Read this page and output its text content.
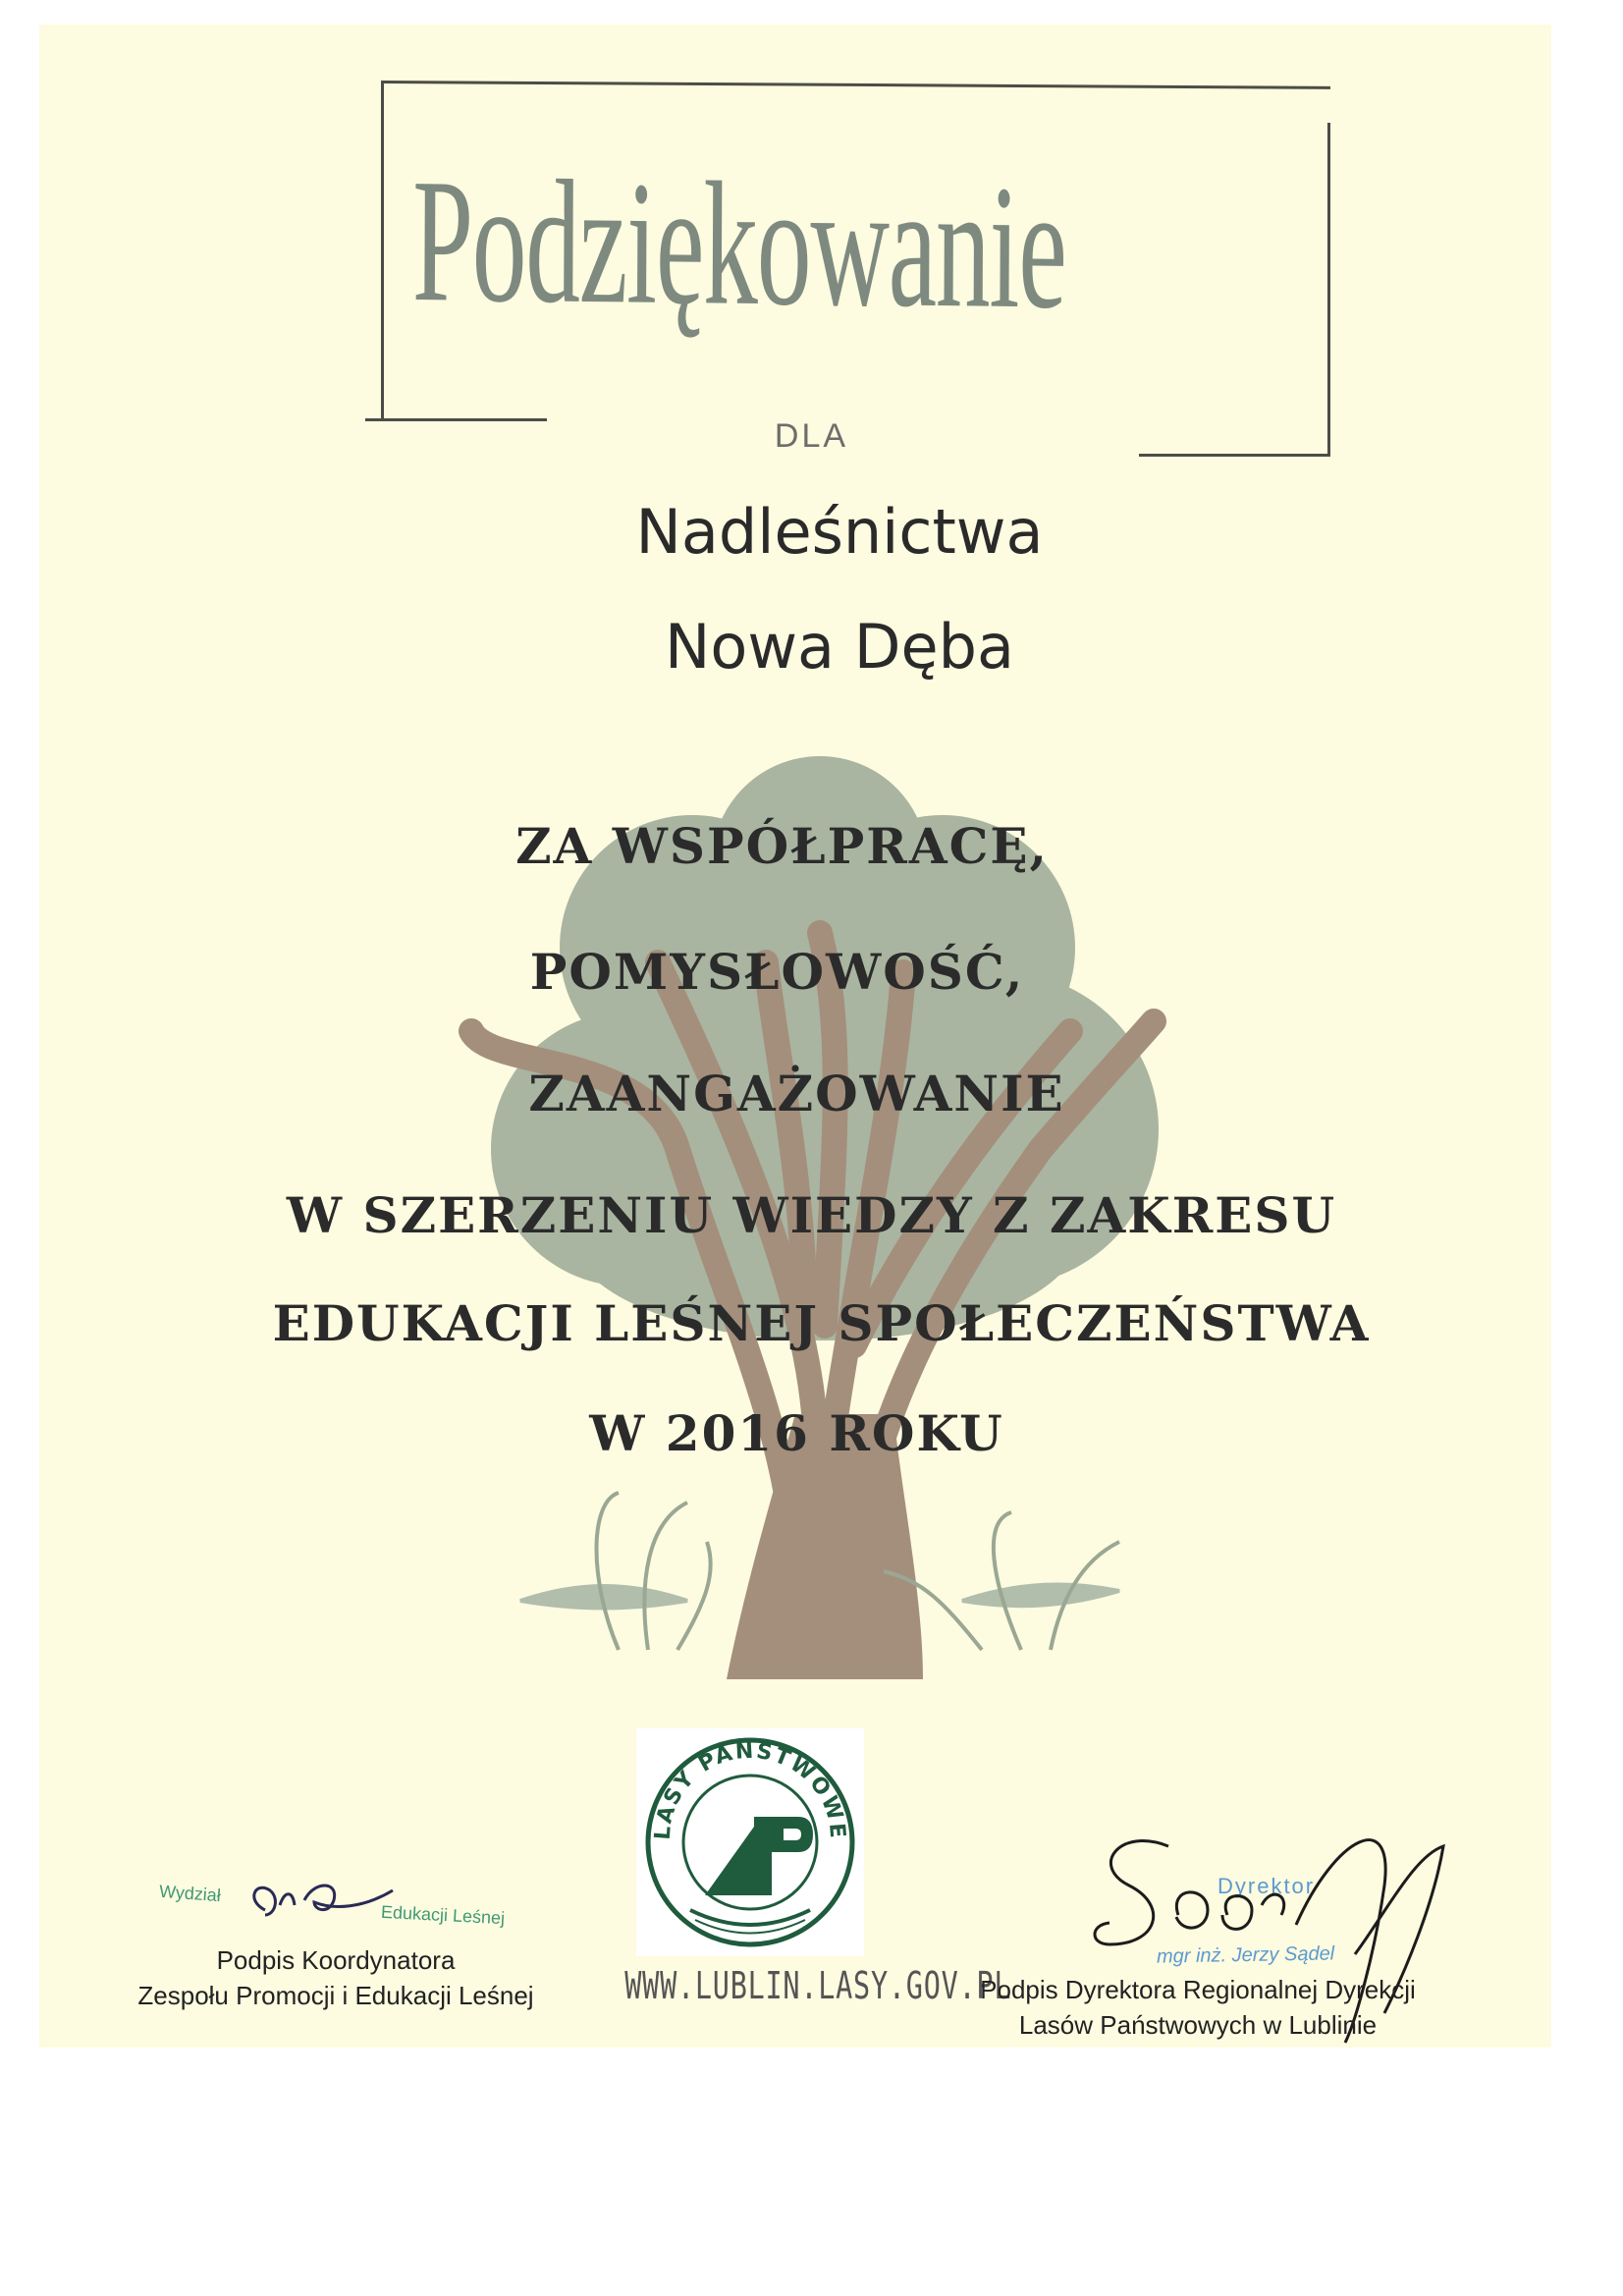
Podziękowanie
DLA
Nadleśnictwa
Nowa Dęba
ZA WSPÓŁPRACĘ,
POMYSŁOWOŚĆ,
ZAANGAŻOWANIE
W SZERZENIU WIEDZY Z ZAKRESU
EDUKACJI LEŚNEJ SPOŁECZEŃSTWA
W 2016 ROKU
LASY PAŃSTWOWE
WWW.LUBLIN.LASY.GOV.PL
Wydział
Edukacji Leśnej
Podpis Koordynatora
Zespołu Promocji i Edukacji Leśnej
Dyrektor
mgr inż. Jerzy Sądel
Podpis Dyrektora Regionalnej Dyrekcji
Lasów Państwowych w Lublinie
